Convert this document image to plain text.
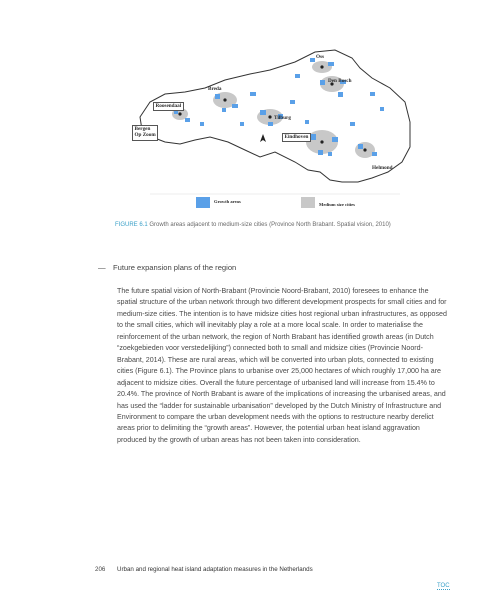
Oss
Den Bosch
Breda
Tilburg
Roosendaal
Bergen
Op Zoom	Eindhoven
Helmond
Growth areas
Medium size cities
FIGURE 6.1 Growth areas adjacent to medium-size cities (Province North Brabant. Spatial vision, 2010)
— Future expansion plans of the region

The future spatial vision of North-Brabant (Provincie Noord-Brabant, 2010) foresees to enhance the spatial structure of the urban network through two different development prospects for small cities and for medium-size cities. The intention is to have midsize cities host regional urban infrastructures, as opposed to the small cities, which will inevitably play a role at a more local scale. In order to materialise the reinforcement of the urban network, the region of North Brabant has identified growth areas (in Dutch “zoekgebieden voor verstedelijking”) connected both to small and midsize cities (Provincie Noord-Brabant, 2014). These are rural areas, which will be converted into urban plots, connected to existing cities (Figure 6.1). The Province plans to urbanise over 25,000 hectares of which roughly 17,000 ha are adjacent to midsize cities. Overall the future percentage of urbanised land will increase from 15.4% to 20.4%. The province of North Brabant is aware of the implications of increasing the urbanised areas, and has used the “ladder for sustainable urbanisation” developed by the Dutch Ministry of Infrastructure and Environment to compare the urban development needs with the options to restructure nearby derelict areas prior to delimiting the “growth areas”. However, the potential urban heat island aggravation produced by the growth of urban areas has not been taken into consideration.

206 Urban and regional heat island adaptation measures in the Netherlands
TOC
